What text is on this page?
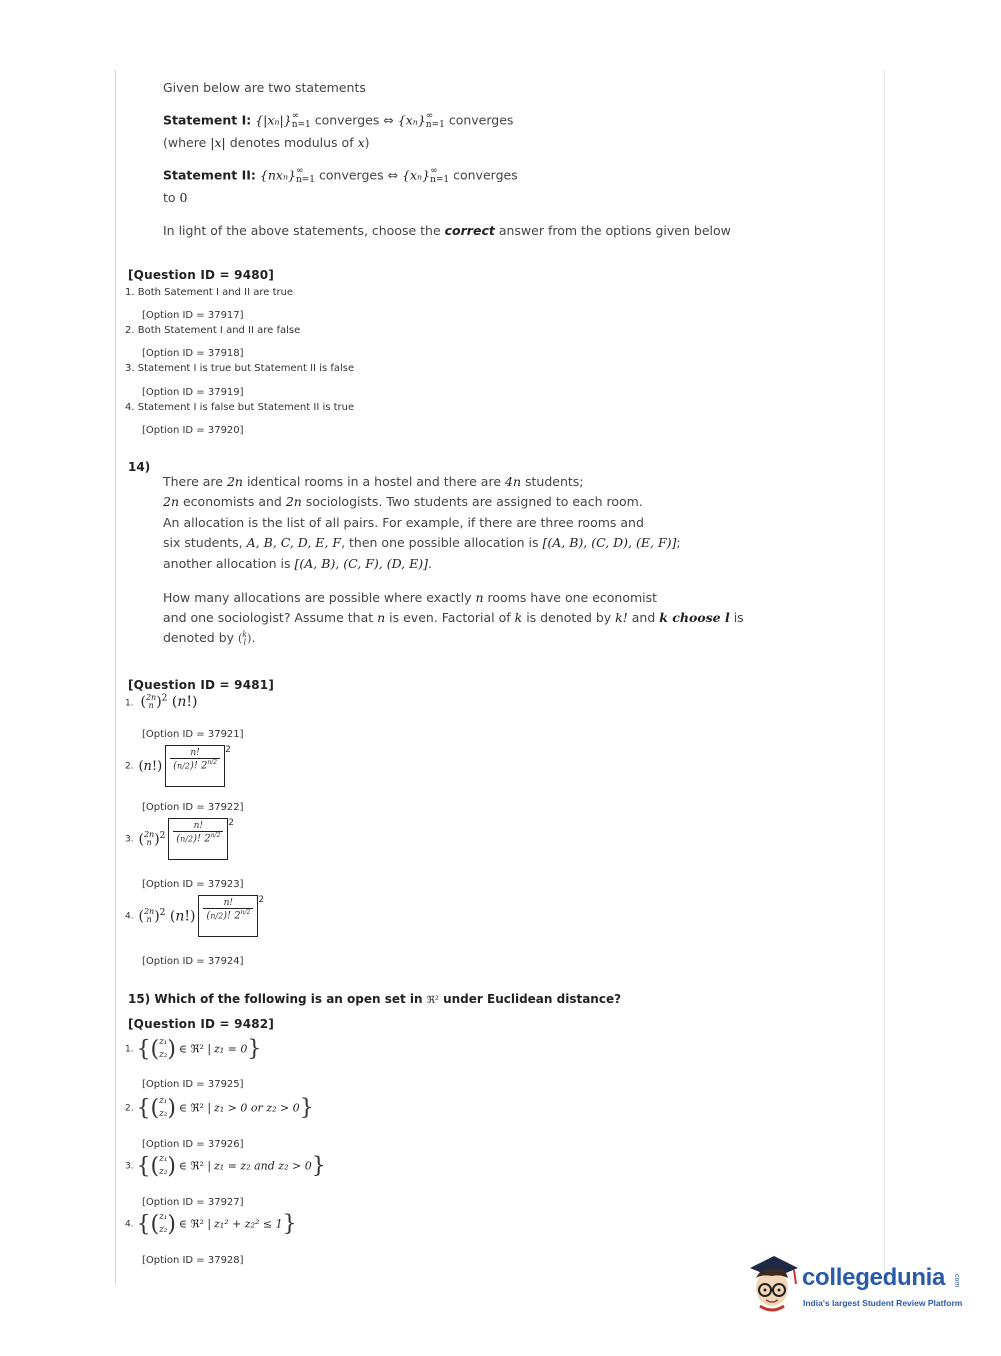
Given below are two statements
Statement I: {|xₙ|} ∞
n=1 converges ⇔ {xₙ} ∞
n=1 converges
(where |x| denotes modulus of x)
Statement II: {nxₙ} ∞
n=1 converges ⇔ {xₙ} ∞
n=1 converges
to 0
In light of the above statements, choose the correct answer from the options given below
[Question ID = 9480]
1. Both Satement I and II are true
[Option ID = 37917]
2. Both Statement I and II are false
[Option ID = 37918]
3. Statement I is true but Statement II is false
[Option ID = 37919]
4. Statement I is false but Statement II is true
[Option ID = 37920]
14)
There are 2n identical rooms in a hostel and there are 4n students;
2n economists and 2n sociologists. Two students are assigned to each room.
An allocation is the list of all pairs. For example, if there are three rooms and
six students, A, B, C, D, E, F, then one possible allocation is [(A, B), (C, D), (E, F)];
another allocation is [(A, B), (C, F), (D, E)].
How many allocations are possible where exactly n rooms have one economist
and one sociologist? Assume that n is even. Factorial of k is denoted by k! and k choose l is
denoted by ( k
l ).
[Question ID = 9481]
1. ( 2n
n )$^2$ (n!)
[Option ID = 37921]
2. $(n!) \frac{n!}{(n/2)! 2^{n/2}} ^2$
[Option ID = 37922]
3. ( 2n
n )$^2 \frac{n!}{(n/2)! 2^{n/2}} ^2$
[Option ID = 37923]
4. ( 2n
n )$^2$ $(n!) \frac{n!}{(n/2)! 2^{n/2}} ^2$
[Option ID = 37924]
15) Which of the following is an open set in ℜ² under Euclidean distance?
[Question ID = 9482]
1. {( z₁
z₂ ) ∈ ℜ² | z₁ = 0}
[Option ID = 37925]
2. {( z₁
z₂ ) ∈ ℜ² | z₁ > 0 or z₂ > 0}
[Option ID = 37926]
3. {( z₁
z₂ ) ∈ ℜ² | z₁ = z₂ and z₂ > 0}
[Option ID = 37927]
4. {( z₁
z₂ ) ∈ ℜ² | z₁² + z₂² ≤ 1}
[Option ID = 37928]
collegedunia .com
India's largest Student Review Platform
